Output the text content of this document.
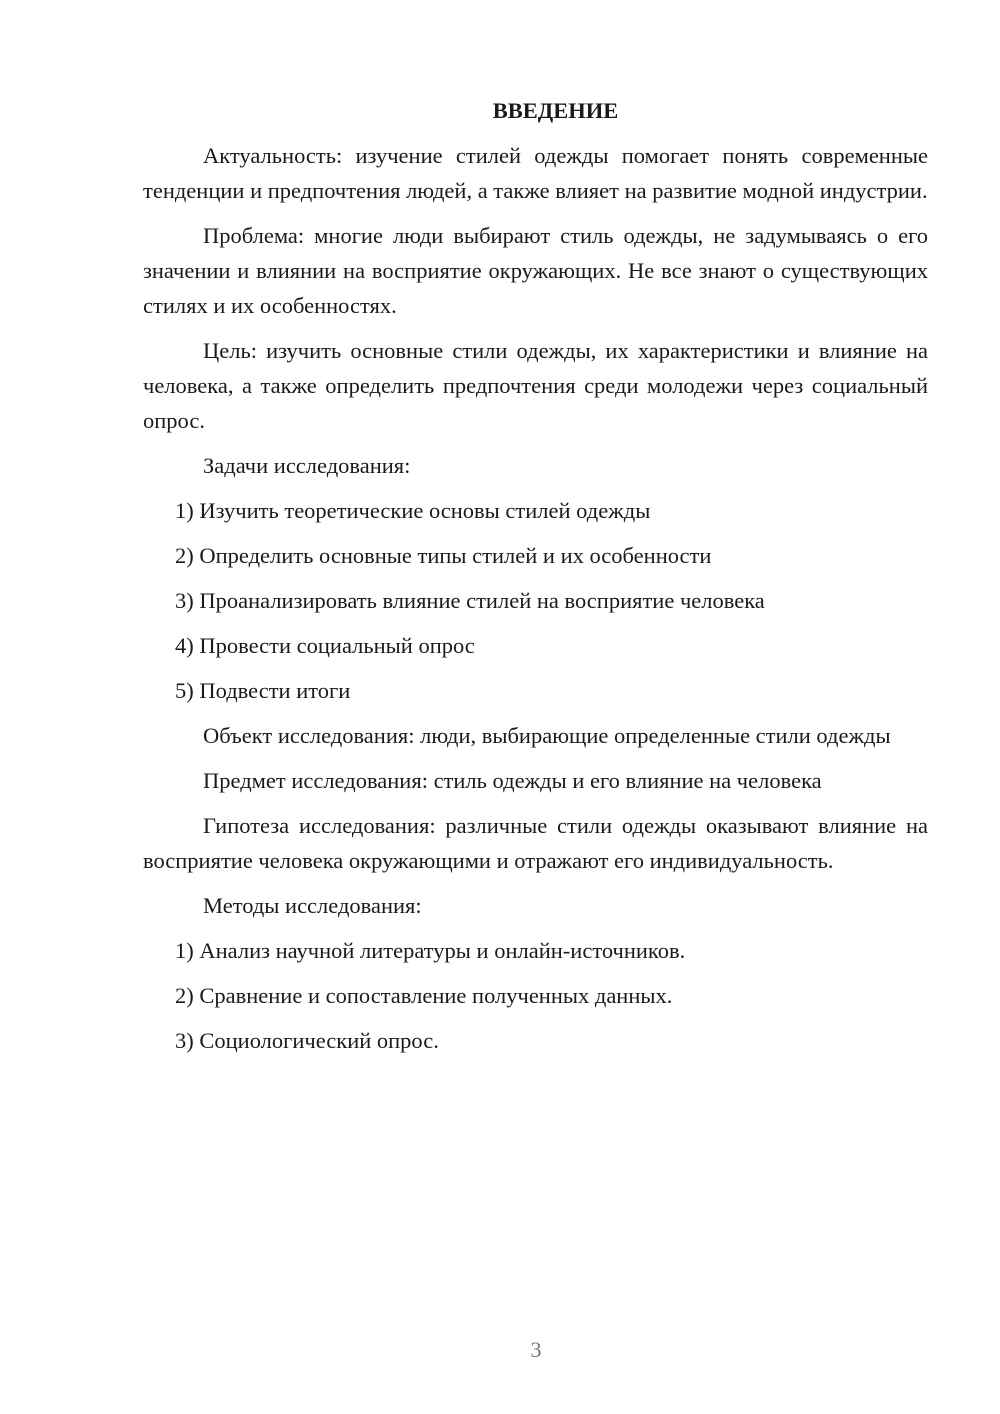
ВВЕДЕНИЕ

Актуальность: изучение стилей одежды помогает понять современные тенденции и предпочтения людей, а также влияет на развитие модной индустрии.

Проблема: многие люди выбирают стиль одежды, не задумываясь о его значении и влиянии на восприятие окружающих. Не все знают о существующих стилях и их особенностях.

Цель: изучить основные стили одежды, их характеристики и влияние на человека, а также определить предпочтения среди молодежи через социальный опрос.

Задачи исследования:

1) Изучить теоретические основы стилей одежды

2) Определить основные типы стилей и их особенности

3) Проанализировать влияние стилей на восприятие человека

4) Провести социальный опрос

5) Подвести итоги

Объект исследования: люди, выбирающие определенные стили одежды

Предмет исследования: стиль одежды и его влияние на человека

Гипотеза исследования: различные стили одежды оказывают влияние на восприятие человека окружающими и отражают его индивидуальность.

Методы исследования:

1) Анализ научной литературы и онлайн-источников.

2) Сравнение и сопоставление полученных данных.

3) Социологический опрос.

3
